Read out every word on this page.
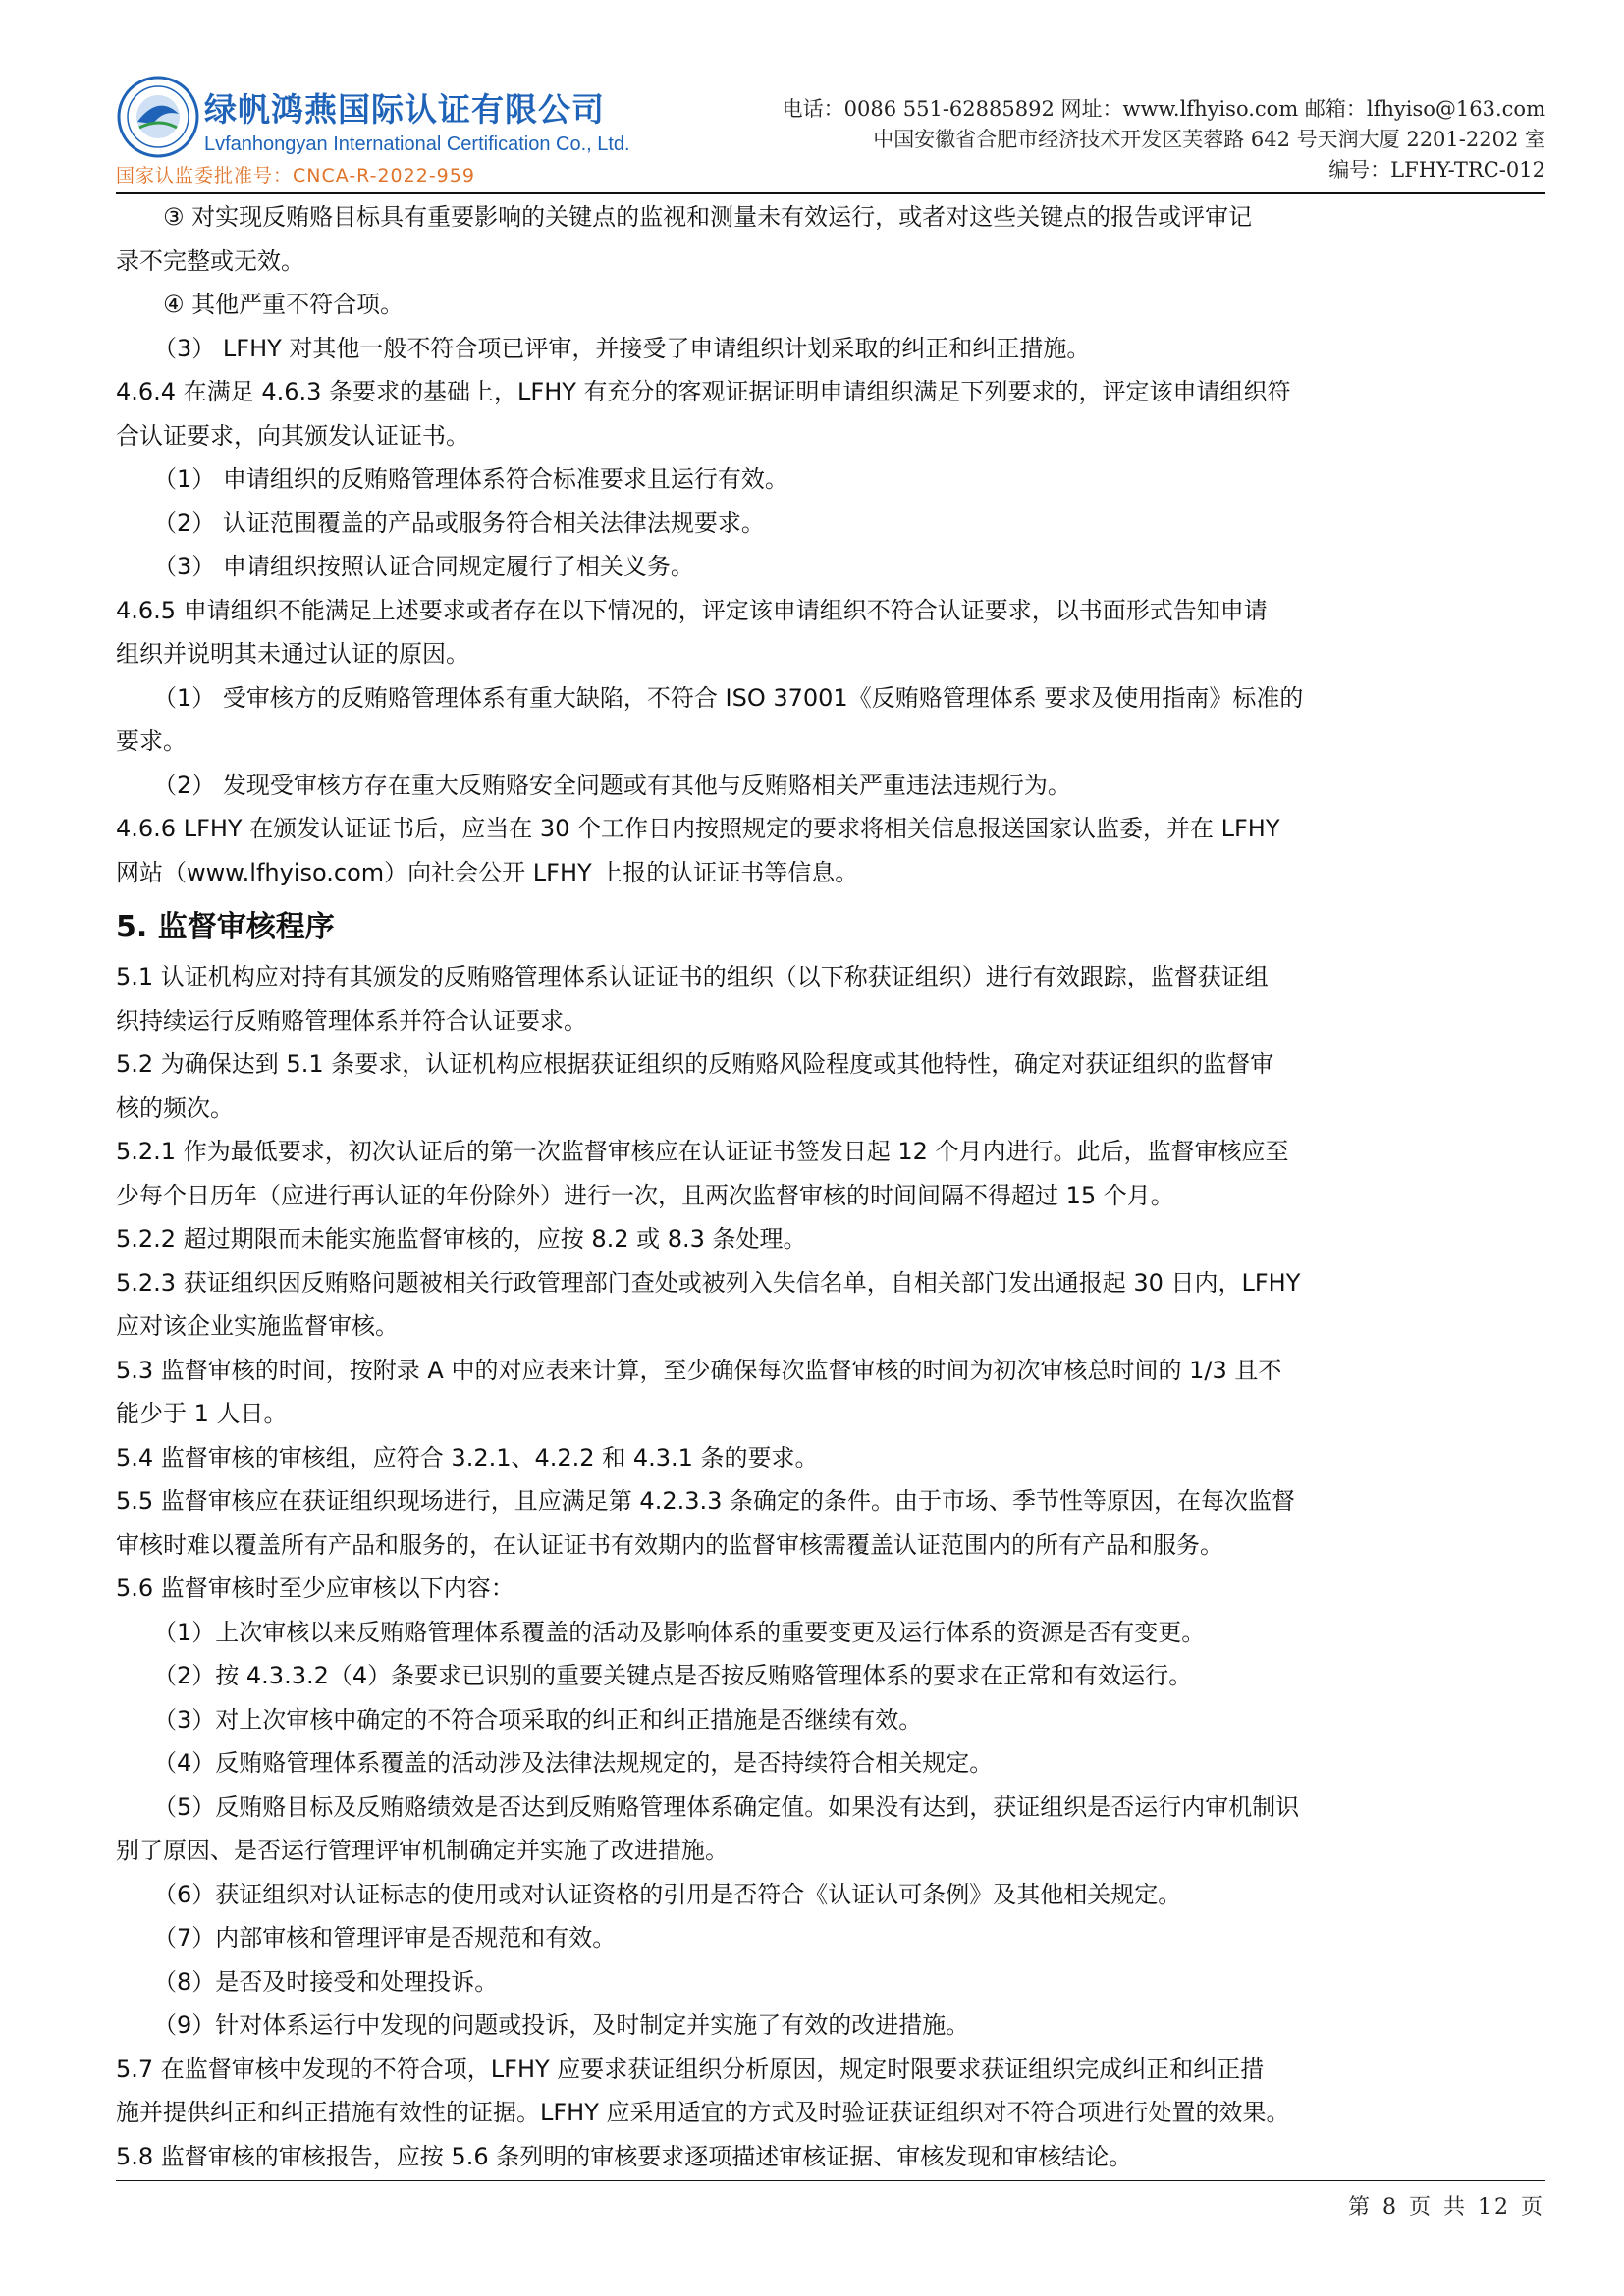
绿帆鸿燕国际认证有限公司
Lvfanhongyan International Certification Co., Ltd.
国家认监委批准号：CNCA-R-2022-959
电话：0086 551-62885892 网址：www.lfhyiso.com 邮箱：lfhyiso@163.com
中国安徽省合肥市经济技术开发区芙蓉路 642 号天润大厦 2201-2202 室
编号：LFHY-TRC-012

③ 对实现反贿赂目标具有重要影响的关键点的监视和测量未有效运行，或者对这些关键点的报告或评审记

录不完整或无效。

④ 其他严重不符合项。

（3） LFHY 对其他一般不符合项已评审，并接受了申请组织计划采取的纠正和纠正措施。

4.6.4 在满足 4.6.3 条要求的基础上，LFHY 有充分的客观证据证明申请组织满足下列要求的，评定该申请组织符

合认证要求，向其颁发认证证书。

（1） 申请组织的反贿赂管理体系符合标准要求且运行有效。

（2） 认证范围覆盖的产品或服务符合相关法律法规要求。

（3） 申请组织按照认证合同规定履行了相关义务。

4.6.5 申请组织不能满足上述要求或者存在以下情况的，评定该申请组织不符合认证要求，以书面形式告知申请

组织并说明其未通过认证的原因。

（1） 受审核方的反贿赂管理体系有重大缺陷，不符合 ISO 37001《反贿赂管理体系 要求及使用指南》标准的

要求。

（2） 发现受审核方存在重大反贿赂安全问题或有其他与反贿赂相关严重违法违规行为。

4.6.6 LFHY 在颁发认证证书后，应当在 30 个工作日内按照规定的要求将相关信息报送国家认监委，并在 LFHY

网站（www.lfhyiso.com）向社会公开 LFHY 上报的认证证书等信息。

5. 监督审核程序

5.1 认证机构应对持有其颁发的反贿赂管理体系认证证书的组织（以下称获证组织）进行有效跟踪，监督获证组

织持续运行反贿赂管理体系并符合认证要求。

5.2 为确保达到 5.1 条要求，认证机构应根据获证组织的反贿赂风险程度或其他特性，确定对获证组织的监督审

核的频次。

5.2.1 作为最低要求，初次认证后的第一次监督审核应在认证证书签发日起 12 个月内进行。此后，监督审核应至

少每个日历年（应进行再认证的年份除外）进行一次，且两次监督审核的时间间隔不得超过 15 个月。

5.2.2 超过期限而未能实施监督审核的，应按 8.2 或 8.3 条处理。

5.2.3 获证组织因反贿赂问题被相关行政管理部门查处或被列入失信名单，自相关部门发出通报起 30 日内，LFHY

应对该企业实施监督审核。

5.3 监督审核的时间，按附录 A 中的对应表来计算，至少确保每次监督审核的时间为初次审核总时间的 1/3 且不

能少于 1 人日。

5.4 监督审核的审核组，应符合 3.2.1、4.2.2 和 4.3.1 条的要求。

5.5 监督审核应在获证组织现场进行，且应满足第 4.2.3.3 条确定的条件。由于市场、季节性等原因，在每次监督

审核时难以覆盖所有产品和服务的，在认证证书有效期内的监督审核需覆盖认证范围内的所有产品和服务。

5.6 监督审核时至少应审核以下内容：

（1）上次审核以来反贿赂管理体系覆盖的活动及影响体系的重要变更及运行体系的资源是否有变更。

（2）按 4.3.3.2（4）条要求已识别的重要关键点是否按反贿赂管理体系的要求在正常和有效运行。

（3）对上次审核中确定的不符合项采取的纠正和纠正措施是否继续有效。

（4）反贿赂管理体系覆盖的活动涉及法律法规规定的，是否持续符合相关规定。

（5）反贿赂目标及反贿赂绩效是否达到反贿赂管理体系确定值。如果没有达到，获证组织是否运行内审机制识

别了原因、是否运行管理评审机制确定并实施了改进措施。

（6）获证组织对认证标志的使用或对认证资格的引用是否符合《认证认可条例》及其他相关规定。

（7）内部审核和管理评审是否规范和有效。

（8）是否及时接受和处理投诉。

（9）针对体系运行中发现的问题或投诉，及时制定并实施了有效的改进措施。

5.7 在监督审核中发现的不符合项，LFHY 应要求获证组织分析原因，规定时限要求获证组织完成纠正和纠正措

施并提供纠正和纠正措施有效性的证据。LFHY 应采用适宜的方式及时验证获证组织对不符合项进行处置的效果。

5.8 监督审核的审核报告，应按 5.6 条列明的审核要求逐项描述审核证据、审核发现和审核结论。

第 8 页 共 12 页
